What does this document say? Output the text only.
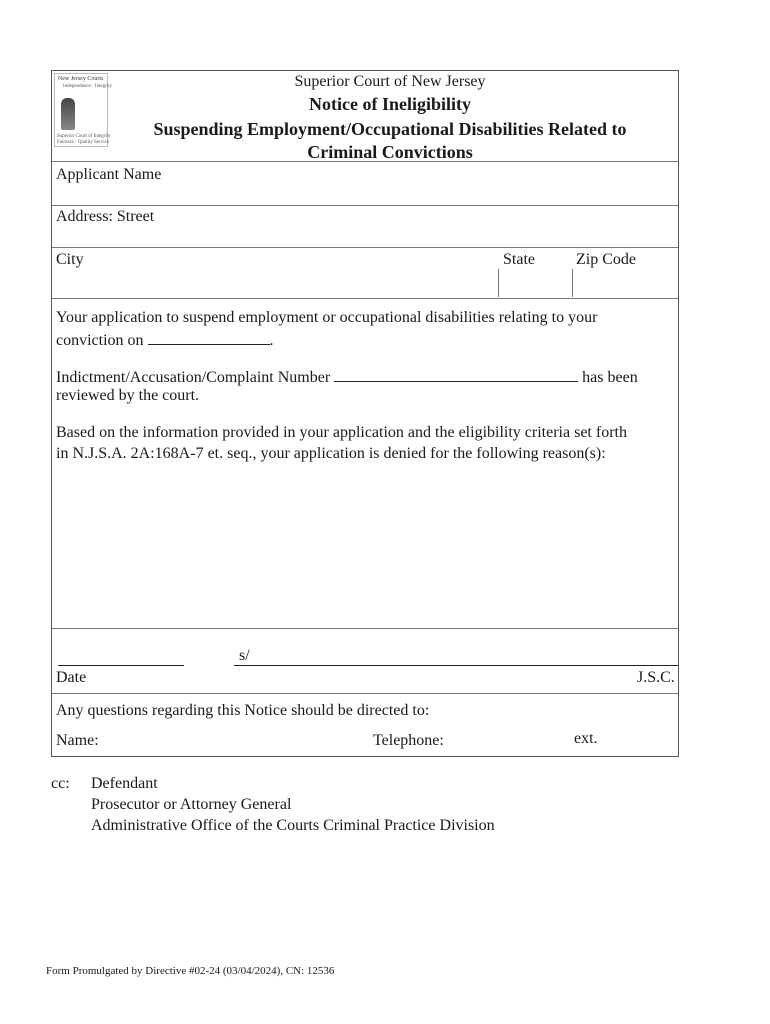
New Jersey Courts
Independence · Integrity
Superior Court of Integrity
Fairness · Quality Service
Superior Court of New Jersey
Notice of Ineligibility
Suspending Employment/Occupational Disabilities Related to
Criminal Convictions
Applicant Name
Address: Street
City	State	Zip Code
Your application to suspend employment or occupational disabilities relating to your
conviction on	.
Indictment/Accusation/Complaint Number	has been
reviewed by the court.
Based on the information provided in your application and the eligibility criteria set forth
in N.J.S.A. 2A:168A-7 et. seq., your application is denied for the following reason(s):
s/
Date	J.S.C.
Any questions regarding this Notice should be directed to:
Name:	Telephone:	ext.
cc: Defendant
Prosecutor or Attorney General
Administrative Office of the Courts Criminal Practice Division
Form Promulgated by Directive #02-24 (03/04/2024), CN: 12536
